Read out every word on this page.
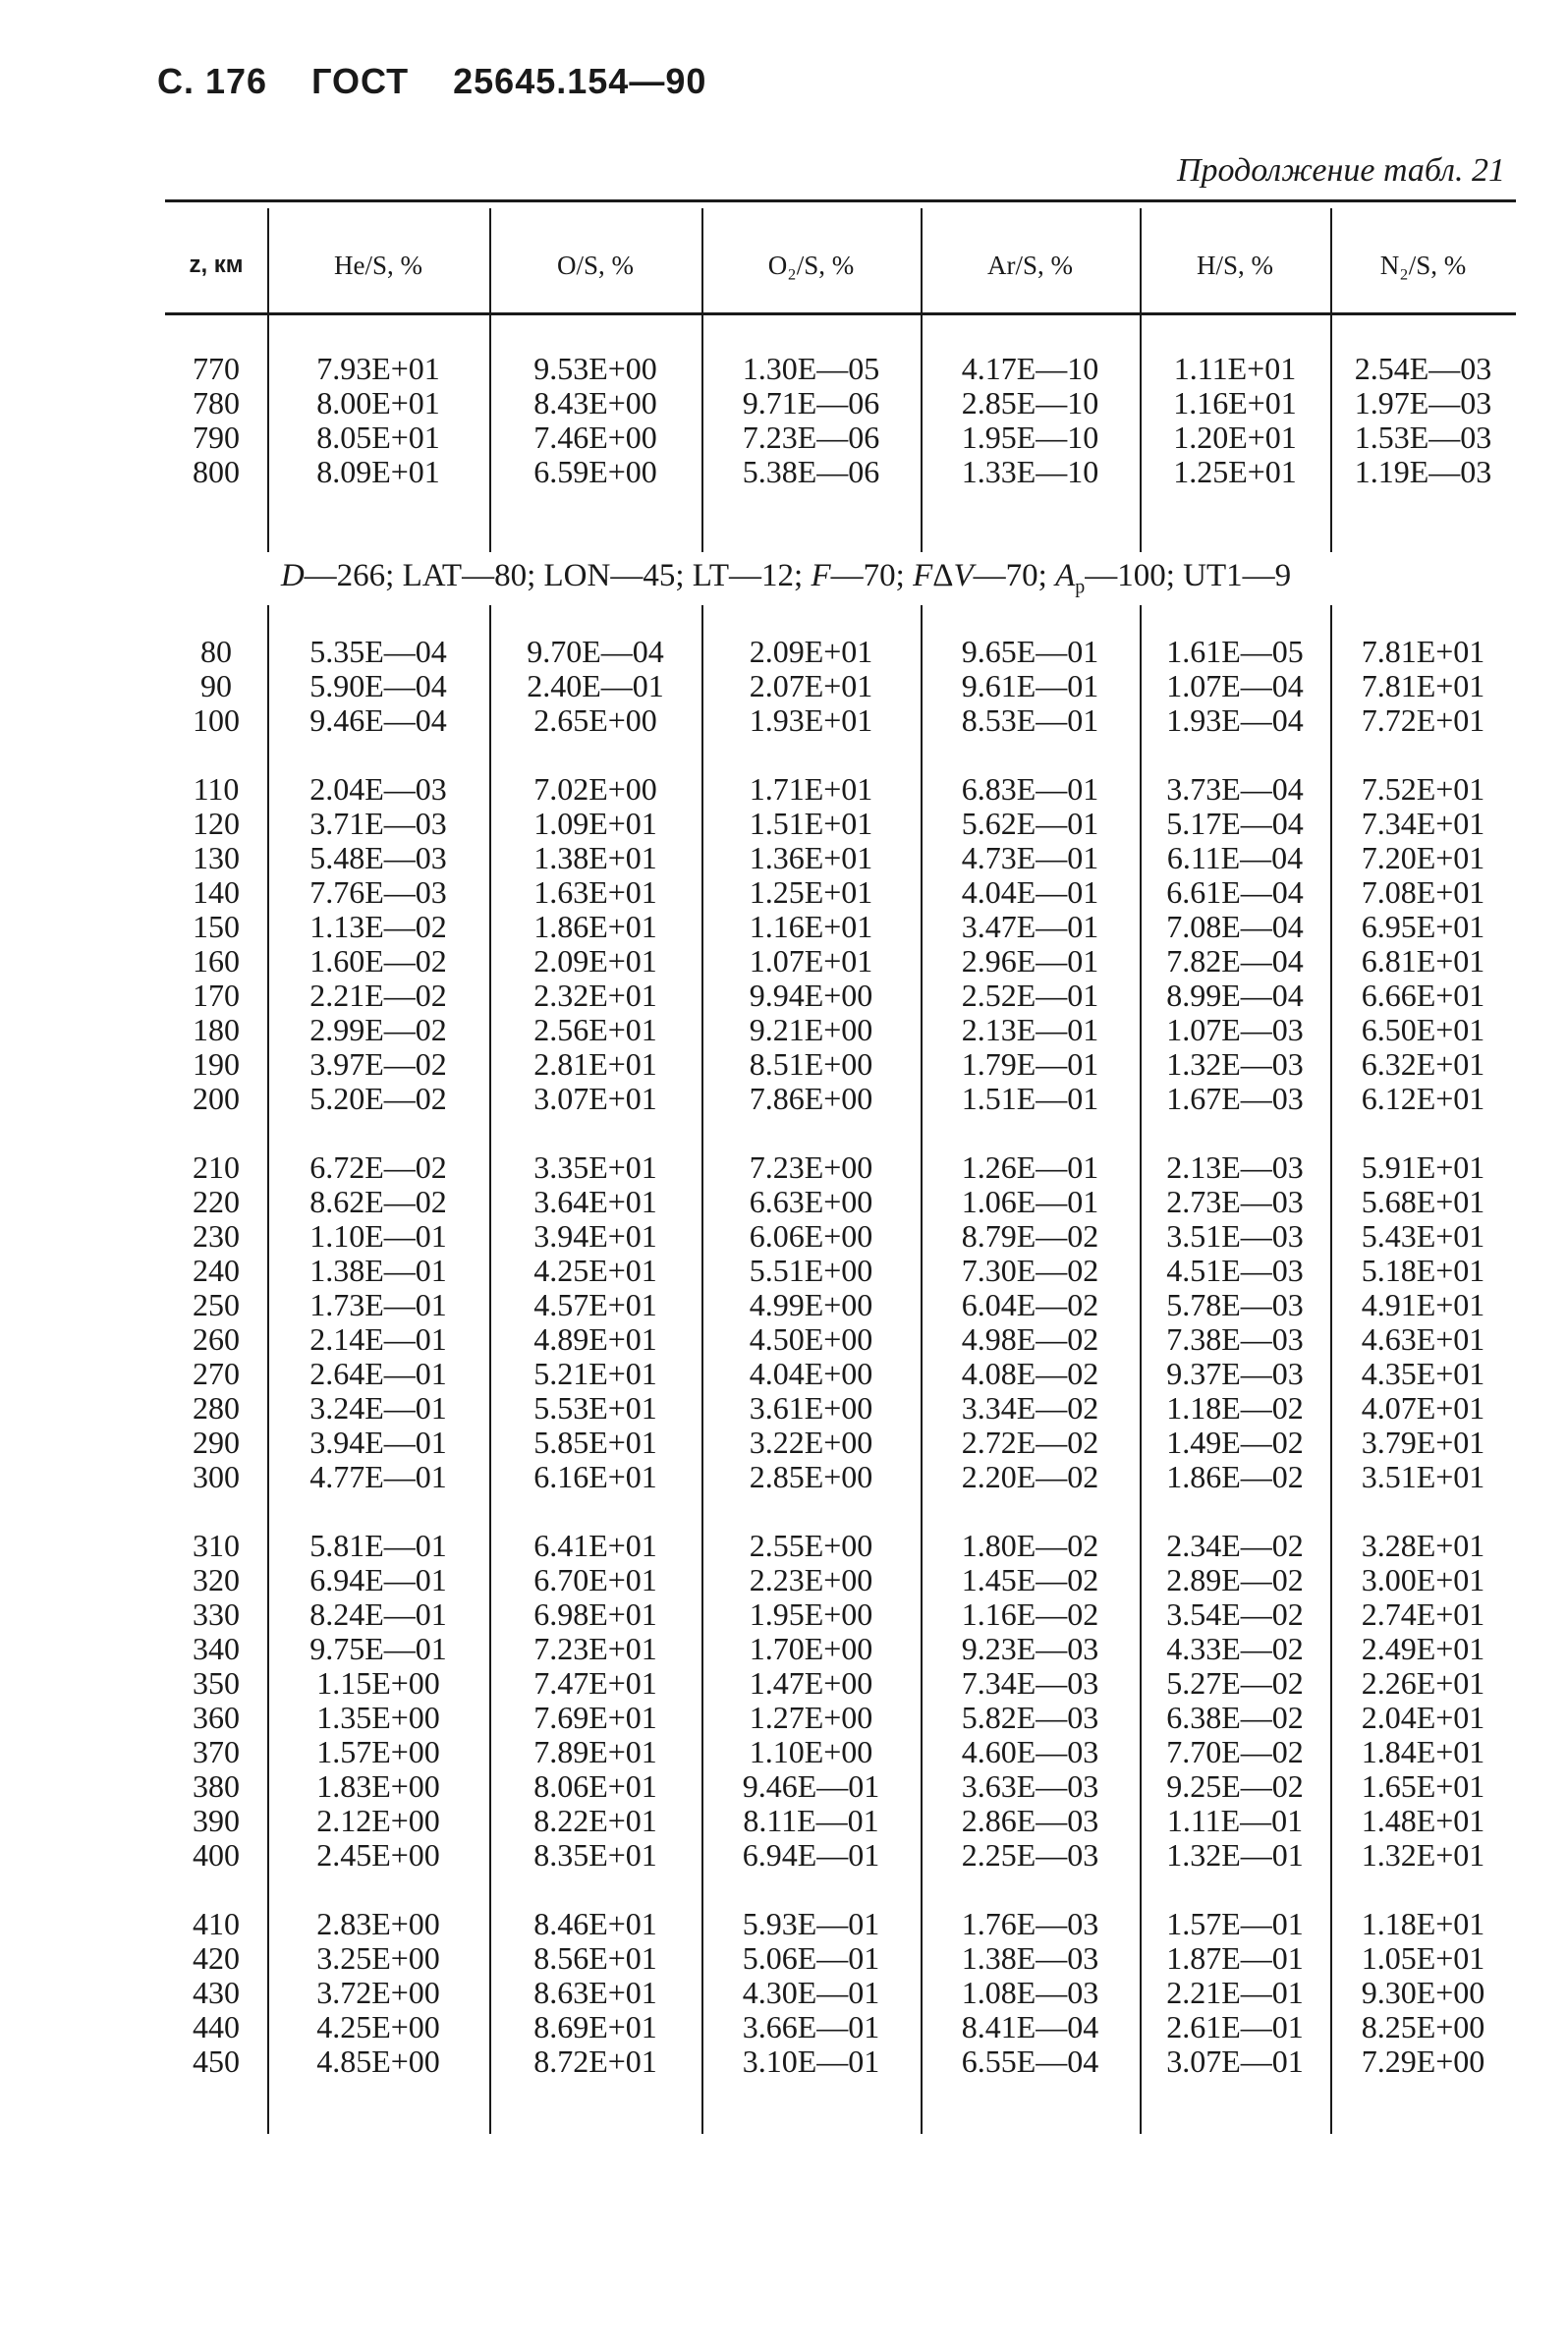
С. 176 ГОСТ 25645.154—90
Продолжение табл. 21
z, км	He/S, %	O/S, %	O₂/S, %	Ar/S, %	H/S, %	N₂/S, %
D—266; LAT—80; LON—45; LT—12; F—70; FΔV—70; $A_p—100$; UT1—9
770	7.93E+01	9.53E+00	1.30E—05	4.17E—10	1.11E+01	2.54E—03
780	8.00E+01	8.43E+00	9.71E—06	2.85E—10	1.16E+01	1.97E—03
790	8.05E+01	7.46E+00	7.23E—06	1.95E—10	1.20E+01	1.53E—03
800	8.09E+01	6.59E+00	5.38E—06	1.33E—10	1.25E+01	1.19E—03
80	5.35E—04	9.70E—04	2.09E+01	9.65E—01	1.61E—05	7.81E+01
90	5.90E—04	2.40E—01	2.07E+01	9.61E—01	1.07E—04	7.81E+01
100	9.46E—04	2.65E+00	1.93E+01	8.53E—01	1.93E—04	7.72E+01
110	2.04E—03	7.02E+00	1.71E+01	6.83E—01	3.73E—04	7.52E+01
120	3.71E—03	1.09E+01	1.51E+01	5.62E—01	5.17E—04	7.34E+01
130	5.48E—03	1.38E+01	1.36E+01	4.73E—01	6.11E—04	7.20E+01
140	7.76E—03	1.63E+01	1.25E+01	4.04E—01	6.61E—04	7.08E+01
150	1.13E—02	1.86E+01	1.16E+01	3.47E—01	7.08E—04	6.95E+01
160	1.60E—02	2.09E+01	1.07E+01	2.96E—01	7.82E—04	6.81E+01
170	2.21E—02	2.32E+01	9.94E+00	2.52E—01	8.99E—04	6.66E+01
180	2.99E—02	2.56E+01	9.21E+00	2.13E—01	1.07E—03	6.50E+01
190	3.97E—02	2.81E+01	8.51E+00	1.79E—01	1.32E—03	6.32E+01
200	5.20E—02	3.07E+01	7.86E+00	1.51E—01	1.67E—03	6.12E+01
210	6.72E—02	3.35E+01	7.23E+00	1.26E—01	2.13E—03	5.91E+01
220	8.62E—02	3.64E+01	6.63E+00	1.06E—01	2.73E—03	5.68E+01
230	1.10E—01	3.94E+01	6.06E+00	8.79E—02	3.51E—03	5.43E+01
240	1.38E—01	4.25E+01	5.51E+00	7.30E—02	4.51E—03	5.18E+01
250	1.73E—01	4.57E+01	4.99E+00	6.04E—02	5.78E—03	4.91E+01
260	2.14E—01	4.89E+01	4.50E+00	4.98E—02	7.38E—03	4.63E+01
270	2.64E—01	5.21E+01	4.04E+00	4.08E—02	9.37E—03	4.35E+01
280	3.24E—01	5.53E+01	3.61E+00	3.34E—02	1.18E—02	4.07E+01
290	3.94E—01	5.85E+01	3.22E+00	2.72E—02	1.49E—02	3.79E+01
300	4.77E—01	6.16E+01	2.85E+00	2.20E—02	1.86E—02	3.51E+01
310	5.81E—01	6.41E+01	2.55E+00	1.80E—02	2.34E—02	3.28E+01
320	6.94E—01	6.70E+01	2.23E+00	1.45E—02	2.89E—02	3.00E+01
330	8.24E—01	6.98E+01	1.95E+00	1.16E—02	3.54E—02	2.74E+01
340	9.75E—01	7.23E+01	1.70E+00	9.23E—03	4.33E—02	2.49E+01
350	1.15E+00	7.47E+01	1.47E+00	7.34E—03	5.27E—02	2.26E+01
360	1.35E+00	7.69E+01	1.27E+00	5.82E—03	6.38E—02	2.04E+01
370	1.57E+00	7.89E+01	1.10E+00	4.60E—03	7.70E—02	1.84E+01
380	1.83E+00	8.06E+01	9.46E—01	3.63E—03	9.25E—02	1.65E+01
390	2.12E+00	8.22E+01	8.11E—01	2.86E—03	1.11E—01	1.48E+01
400	2.45E+00	8.35E+01	6.94E—01	2.25E—03	1.32E—01	1.32E+01
410	2.83E+00	8.46E+01	5.93E—01	1.76E—03	1.57E—01	1.18E+01
420	3.25E+00	8.56E+01	5.06E—01	1.38E—03	1.87E—01	1.05E+01
430	3.72E+00	8.63E+01	4.30E—01	1.08E—03	2.21E—01	9.30E+00
440	4.25E+00	8.69E+01	3.66E—01	8.41E—04	2.61E—01	8.25E+00
450	4.85E+00	8.72E+01	3.10E—01	6.55E—04	3.07E—01	7.29E+00
